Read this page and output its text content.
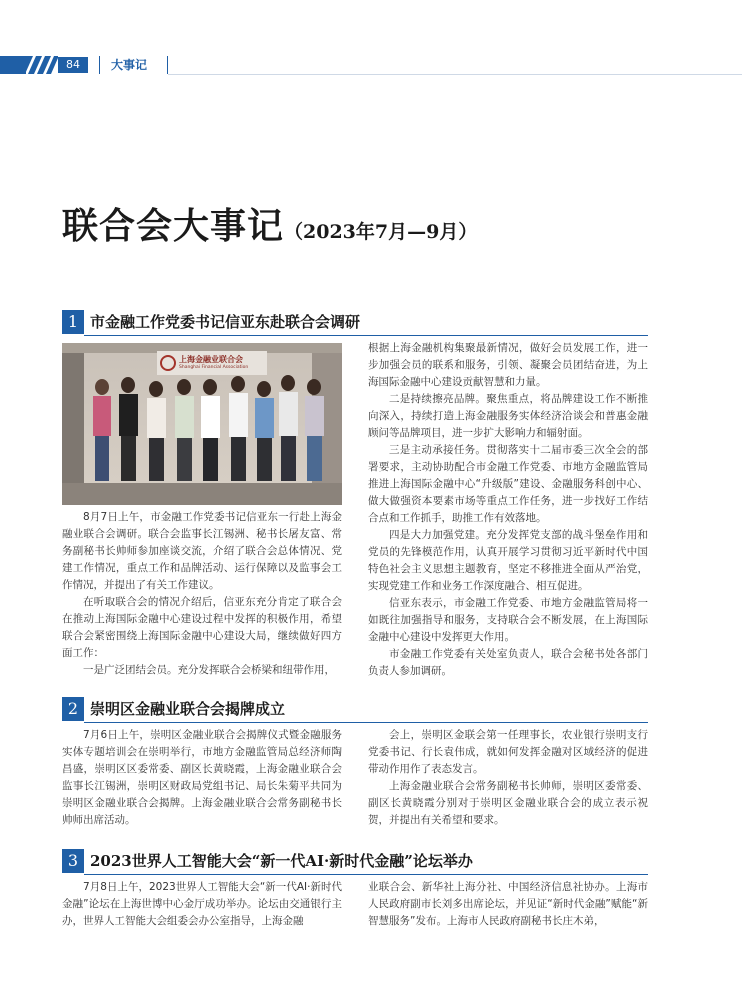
84	大事记
联合会大事记（2023年7月—9月）
1 市金融工作党委书记信亚东赴联合会调研
上海金融业联合会
Shanghai Financial Association

8月7日上午，市金融工作党委书记信亚东一行赴上海金融业联合会调研。联合会监事长江锡洲、秘书长屠友富、常务副秘书长帅师参加座谈交流，介绍了联合会总体情况、党建工作情况，重点工作和品牌活动、运行保障以及监事会工作情况，并提出了有关工作建议。

在听取联合会的情况介绍后，信亚东充分肯定了联合会在推动上海国际金融中心建设过程中发挥的积极作用，希望联合会紧密围绕上海国际金融中心建设大局，继续做好四方面工作：

一是广泛团结会员。充分发挥联合会桥梁和纽带作用，

根据上海金融机构集聚最新情况，做好会员发展工作，进一步加强会员的联系和服务，引领、凝聚会员团结奋进，为上海国际金融中心建设贡献智慧和力量。

二是持续擦亮品牌。聚焦重点，将品牌建设工作不断推向深入，持续打造上海金融服务实体经济洽谈会和普惠金融顾问等品牌项目，进一步扩大影响力和辐射面。

三是主动承接任务。贯彻落实十二届市委三次全会的部署要求，主动协助配合市金融工作党委、市地方金融监管局推进上海国际金融中心“升级版”建设、金融服务科创中心、做大做强资本要素市场等重点工作任务，进一步找好工作结合点和工作抓手，助推工作有效落地。

四是大力加强党建。充分发挥党支部的战斗堡垒作用和党员的先锋模范作用，认真开展学习贯彻习近平新时代中国特色社会主义思想主题教育，坚定不移推进全面从严治党，实现党建工作和业务工作深度融合、相互促进。

信亚东表示，市金融工作党委、市地方金融监管局将一如既往加强指导和服务，支持联合会不断发展，在上海国际金融中心建设中发挥更大作用。

市金融工作党委有关处室负责人，联合会秘书处各部门负责人参加调研。

2 崇明区金融业联合会揭牌成立

7月6日上午，崇明区金融业联合会揭牌仪式暨金融服务实体专题培训会在崇明举行，市地方金融监管局总经济师陶昌盛，崇明区区委常委、副区长黄晓霞，上海金融业联合会监事长江锡洲，崇明区财政局党组书记、局长朱菊平共同为崇明区金融业联合会揭牌。上海金融业联合会常务副秘书长帅师出席活动。

会上，崇明区金联会第一任理事长，农业银行崇明支行党委书记、行长袁伟成，就如何发挥金融对区域经济的促进带动作用作了表态发言。

上海金融业联合会常务副秘书长帅师，崇明区委常委、副区长黄晓霞分别对于崇明区金融业联合会的成立表示祝贺，并提出有关希望和要求。

3 2023世界人工智能大会“新一代AI·新时代金融”论坛举办

7月8日上午，2023世界人工智能大会“新一代AI·新时代金融”论坛在上海世博中心金厅成功举办。论坛由交通银行主办，世界人工智能大会组委会办公室指导，上海金融

业联合会、新华社上海分社、中国经济信息社协办。上海市人民政府副市长刘多出席论坛，并见证“新时代金融”赋能“新智慧服务”发布。上海市人民政府副秘书长庄木弟，
